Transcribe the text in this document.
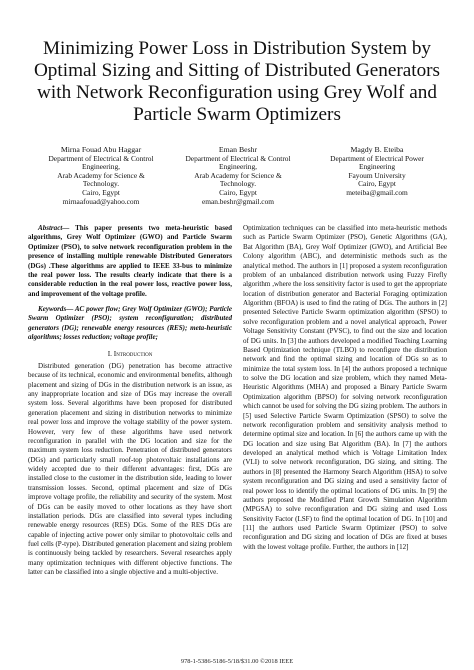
Minimizing Power Loss in Distribution System by
Optimal Sizing and Sitting of Distributed Generators
with Network Reconfiguration using Grey Wolf and
Particle Swarm Optimizers
Mirna Fouad Abu Haggar
Department of Electrical & Control
Engineering,
Arab Academy for Science &
Technology.
Cairo, Egypt
mirnaafouad@yahoo.com
Eman Beshr
Department of Electrical & Control
Engineering,
Arab Academy for Science &
Technology.
Cairo, Egypt
eman.beshr@gmail.com
Magdy B. Eteiba
Department of Electrical Power
Engineering
Fayoum University
Cairo, Egypt
meteiba@gmail.com

Abstract— This paper presents two meta-heuristic based algorithms, Grey Wolf Optimizer (GWO) and Particle Swarm Optimizer (PSO), to solve network reconfiguration problem in the presence of installing multiple renewable Distributed Generators (DGs) .These algorithms are applied to IEEE 33-bus to minimize the real power loss. The results clearly indicate that there is a considerable reduction in the real power loss, reactive power loss, and improvement of the voltage profile.

Keywords— AC power flow; Grey Wolf Optimizer (GWO); Particle Swarm Optimizer (PSO); system reconfiguration; distributed generators (DG); renewable energy resources (RES); meta-heuristic algorithms; losses reduction; voltage profile;

I. Introduction

Distributed generation (DG) penetration has become attractive because of its technical, economic and environmental benefits, although placement and sizing of DGs in the distribution network is an issue, as any inappropriate location and size of DGs may increase the overall system loss. Several algorithms have been proposed for distributed generation placement and sizing in distribution networks to minimize real power loss and improve the voltage stability of the power system. However, very few of these algorithms have used network reconfiguration in parallel with the DG location and size for the maximum system loss reduction. Penetration of distributed generators (DGs) and particularly small roof-top photovoltaic installations are widely accepted due to their different advantages: first, DGs are installed close to the customer in the distribution side, leading to lower transmission losses. Second, optimal placement and size of DGs improve voltage profile, the reliability and security of the system. Most of DGs can be easily moved to other locations as they have short installation periods. DGs are classified into several types including renewable energy resources (RES) DGs. Some of the RES DGs are capable of injecting active power only similar to photovoltaic cells and fuel cells (P-type). Distributed generation placement and sizing problem is continuously being tackled by researchers. Several researches apply many optimization techniques with different objective functions. The latter can be classified into a single objective and a multi-objective.

Optimization techniques can be classified into meta-heuristic methods such as Particle Swarm Optimizer (PSO), Genetic Algorithms (GA), Bat Algorithm (BA), Grey Wolf Optimizer (GWO), and Artificial Bee Colony algorithm (ABC), and deterministic methods such as the analytical method. The authors in [1] proposed a system reconfiguration problem of an unbalanced distribution network using Fuzzy Firefly algorithm ,where the loss sensitivity factor is used to get the appropriate location of distribution generator and Bacterial Foraging optimization Algorithm (BFOA) is used to find the rating of DGs. The authors in [2] presented Selective Particle Swarm optimization algorithm (SPSO) to solve reconfiguration problem and a novel analytical approach, Power Voltage Sensitivity Constant (PVSC), to find out the size and location of DG units. In [3] the authors developed a modified Teaching Learning Based Optimization technique (TLBO) to reconfigure the distribution network and find the optimal sizing and location of DGs so as to minimize the total system loss. In [4] the authors proposed a technique to solve the DG location and size problem, which they named Meta-Heuristic Algorithms (MHA) and proposed a Binary Particle Swarm Optimization algorithm (BPSO) for solving network reconfiguration which cannot be used for solving the DG sizing problem. The authors in [5] used Selective Particle Swarm Optimization (SPSO) to solve the network reconfiguration problem and sensitivity analysis method to determine optimal size and location. In [6] the authors came up with the DG location and size using Bat Algorithm (BA). In [7] the authors developed an analytical method which is Voltage Limitation Index (VLI) to solve network reconfiguration, DG sizing, and sitting. The authors in [8] presented the Harmony Search Algorithm (HSA) to solve system reconfiguration and DG sizing and used a sensitivity factor of real power loss to identify the optimal locations of DG units. In [9] the authors proposed the Modified Plant Growth Simulation Algorithm (MPGSA) to solve reconfiguration and DG sizing and used Loss Sensitivity Factor (LSF) to find the optimal location of DG. In [10] and [11] the authors used Particle Swarm Optimizer (PSO) to solve reconfiguration and DG sizing and location of DGs are fixed at buses with the lowest voltage profile. Further, the authors in [12]

978-1-5386-5186-5/18/$31.00 ©2018 IEEE
